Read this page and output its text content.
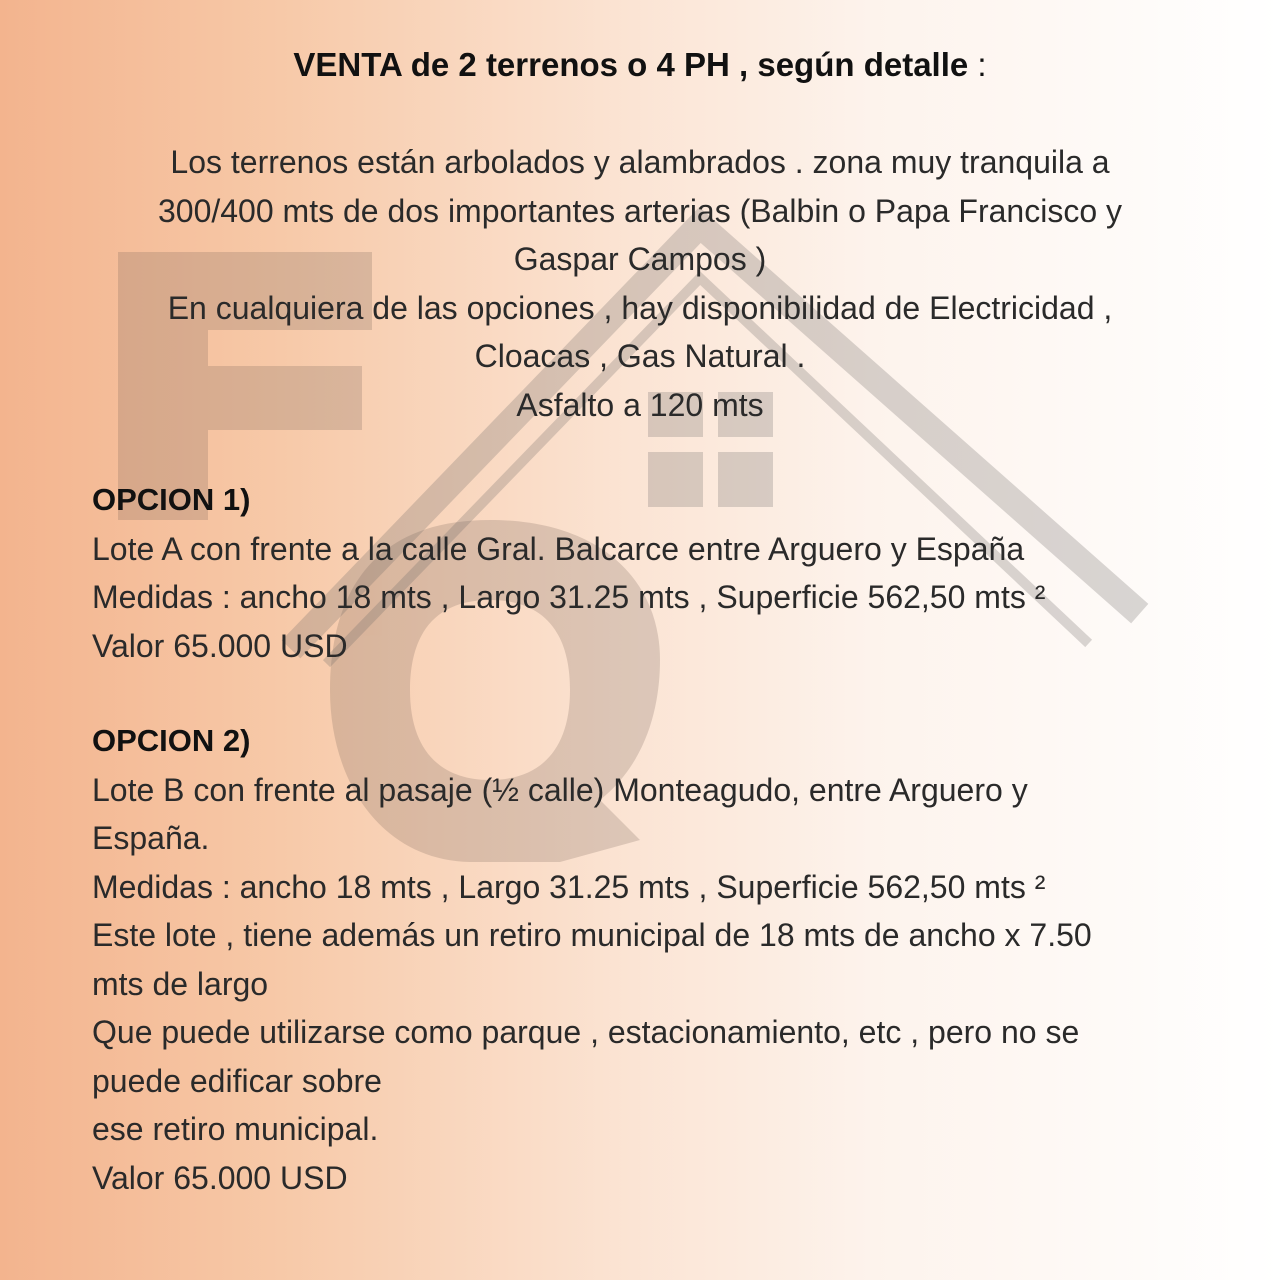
VENTA de 2 terrenos o 4 PH , según detalle :
Los terrenos están arbolados y alambrados . zona muy tranquila a
300/400 mts de dos importantes arterias (Balbin o Papa Francisco y
Gaspar Campos )
En cualquiera de las opciones , hay disponibilidad de Electricidad ,
Cloacas , Gas Natural .
Asfalto a 120 mts
OPCION 1)
Lote A con frente a la calle Gral. Balcarce entre Arguero y España
Medidas : ancho 18 mts , Largo 31.25 mts , Superficie 562,50 mts ²
Valor 65.000 USD
OPCION 2)
Lote B con frente al pasaje (½ calle) Monteagudo, entre Arguero y
España.
Medidas : ancho 18 mts , Largo 31.25 mts , Superficie 562,50 mts ²
Este lote , tiene además un retiro municipal de 18 mts de ancho x 7.50
mts de largo
Que puede utilizarse como parque , estacionamiento, etc , pero no se
puede edificar sobre
ese retiro municipal.
Valor 65.000 USD
